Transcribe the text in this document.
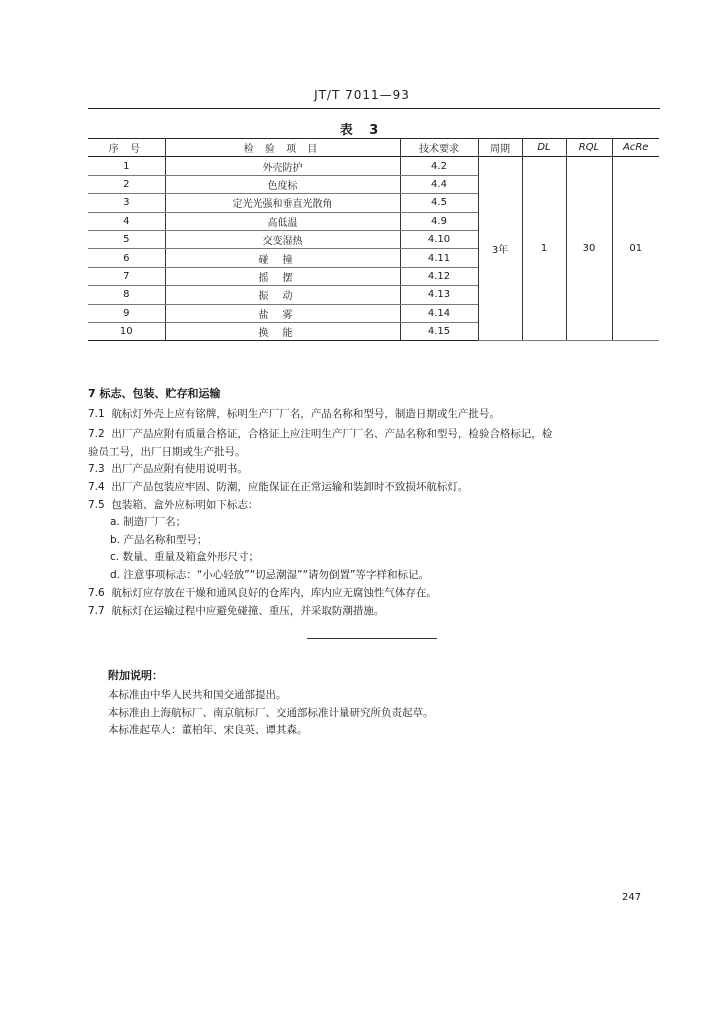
JT/T 7011—93
表 3
序 号	检 验 项 目	技术要求	周期	DL	RQL	AcRe
1	外壳防护	4.2	3年	1	30	01
2	色度标	4.4				
3	定光光强和垂直光散角	4.5				
4	高低温	4.9				
5	交变湿热	4.10				
6	碰撞	4.11				
7	摇摆	4.12				
8	振动	4.13				
9	盐雾	4.14				
10	换能	4.15				
7 标志、包装、贮存和运输
7.1 航标灯外壳上应有铭牌，标明生产厂厂名，产品名称和型号，制造日期或生产批号。
7.2 出厂产品应附有质量合格证，合格证上应注明生产厂厂名、产品名称和型号，检验合格标记，检
验员工号，出厂日期或生产批号。
7.3 出厂产品应附有使用说明书。
7.4 出厂产品包装应牢固、防潮，应能保证在正常运输和装卸时不致损坏航标灯。
7.5 包装箱、盒外应标明如下标志：
a. 制造厂厂名；
b. 产品名称和型号；
c. 数量、重量及箱盒外形尺寸；
d. 注意事项标志：“小心轻放”“切忌潮湿”“请勿倒置”等字样和标记。
7.6 航标灯应存放在干燥和通风良好的仓库内，库内应无腐蚀性气体存在。
7.7 航标灯在运输过程中应避免碰撞、重压，并采取防潮措施。
附加说明：
本标准由中华人民共和国交通部提出。
本标准由上海航标厂、南京航标厂、交通部标准计量研究所负责起草。
本标准起草人：董柏年、宋良英、谭其森。
247
